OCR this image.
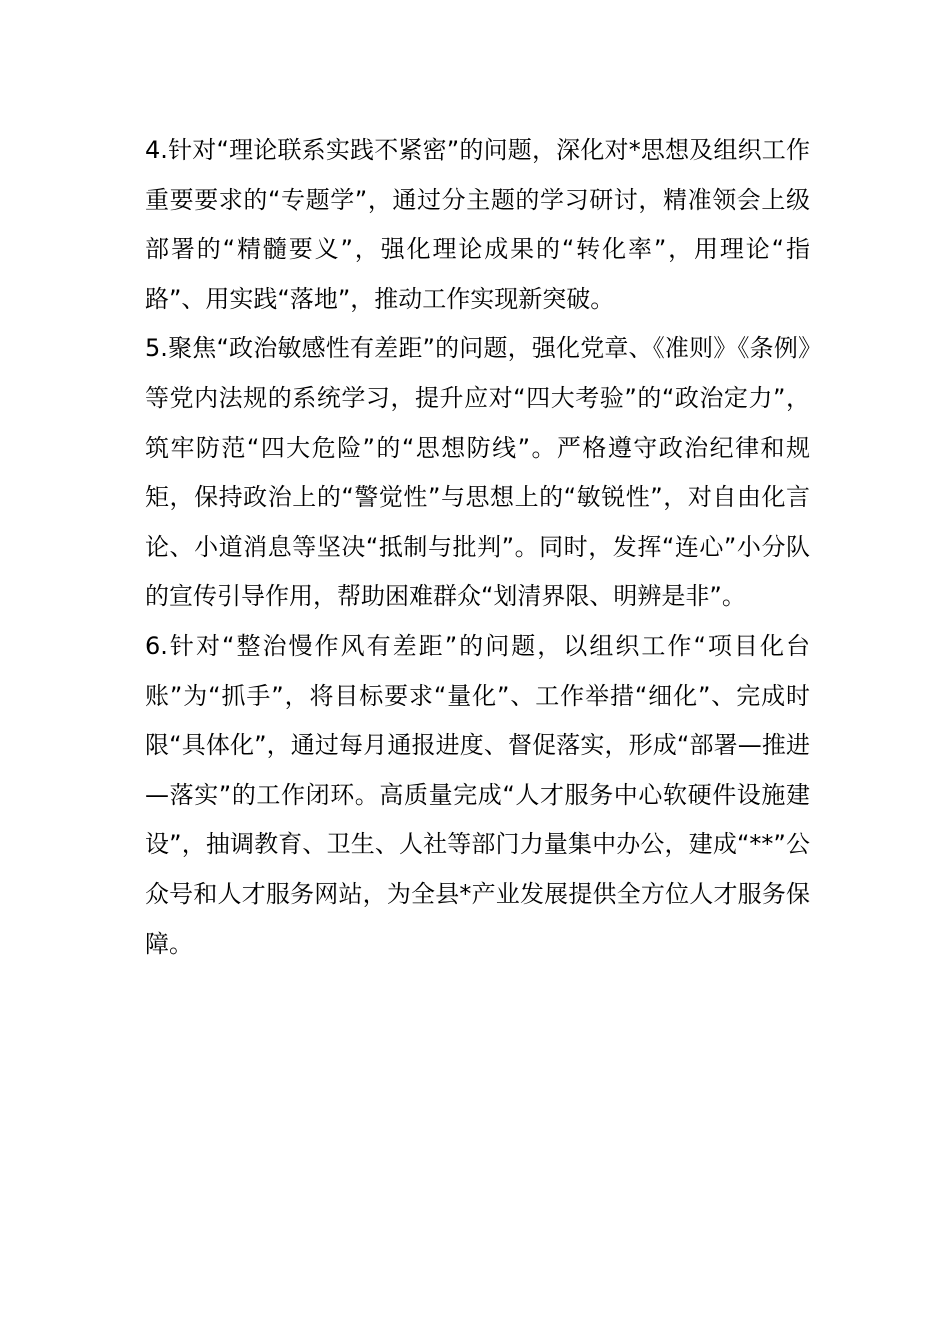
4.针对“理论联系实践不紧密”的问题，深化对*思想及组织工作重要要求的“专题学”，通过分主题的学习研讨，精准领会上级部署的“精髓要义”，强化理论成果的“转化率”，用理论“指路”、用实践“落地”，推动工作实现新突破。

5.聚焦“政治敏感性有差距”的问题，强化党章、《准则》《条例》等党内法规的系统学习，提升应对“四大考验”的“政治定力”，筑牢防范“四大危险”的“思想防线”。严格遵守政治纪律和规矩，保持政治上的“警觉性”与思想上的“敏锐性”，对自由化言论、小道消息等坚决“抵制与批判”。同时，发挥“连心”小分队的宣传引导作用，帮助困难群众“划清界限、明辨是非”。

6.针对“整治慢作风有差距”的问题，以组织工作“项目化台账”为“抓手”，将目标要求“量化”、工作举措“细化”、完成时限“具体化”，通过每月通报进度、督促落实，形成“部署—推进—落实”的工作闭环。高质量完成“人才服务中心软硬件设施建设”，抽调教育、卫生、人社等部门力量集中办公，建成“**”公众号和人才服务网站，为全县*产业发展提供全方位人才服务保障。
